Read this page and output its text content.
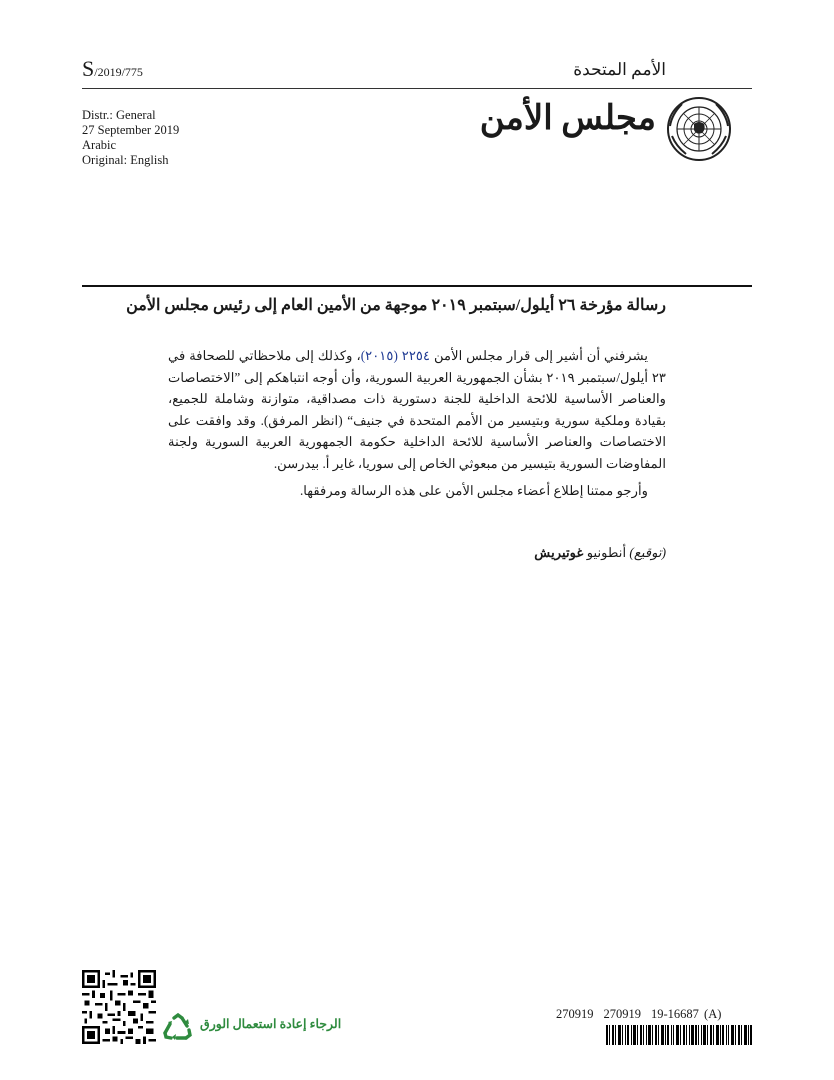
S/2019/775	الأمم المتحدة
Distr.: General
27 September 2019
Arabic
Original: English
مجلس الأمن
رسالة مؤرخة ٢٦ أيلول/سبتمبر ٢٠١٩ موجهة من الأمين العام إلى رئيس مجلس الأمن

يشرفني أن أشير إلى قرار مجلس الأمن ٢٢٥٤ (٢٠١٥)، وكذلك إلى ملاحظاتي للصحافة في ٢٣ أيلول/سبتمبر ٢٠١٩ بشأن الجمهورية العربية السورية، وأن أوجه انتباهكم إلى ”الاختصاصات والعناصر الأساسية للائحة الداخلية للجنة دستورية ذات مصداقية، متوازنة وشاملة للجميع، بقيادة وملكية سورية وبتيسير من الأمم المتحدة في جنيف“ (انظر المرفق). وقد وافقت على الاختصاصات والعناصر الأساسية للائحة الداخلية حكومة الجمهورية العربية السورية ولجنة المفاوضات السورية بتيسير من مبعوثي الخاص إلى سوريا، غاير أ. بيدرسن.

وأرجو ممتنا إطلاع أعضاء مجلس الأمن على هذه الرسالة ومرفقها.

(توقيع) أنطونيو غوتيريش
الرجاء إعادة استعمال الورق
270919 270919 19-16687 (A)
